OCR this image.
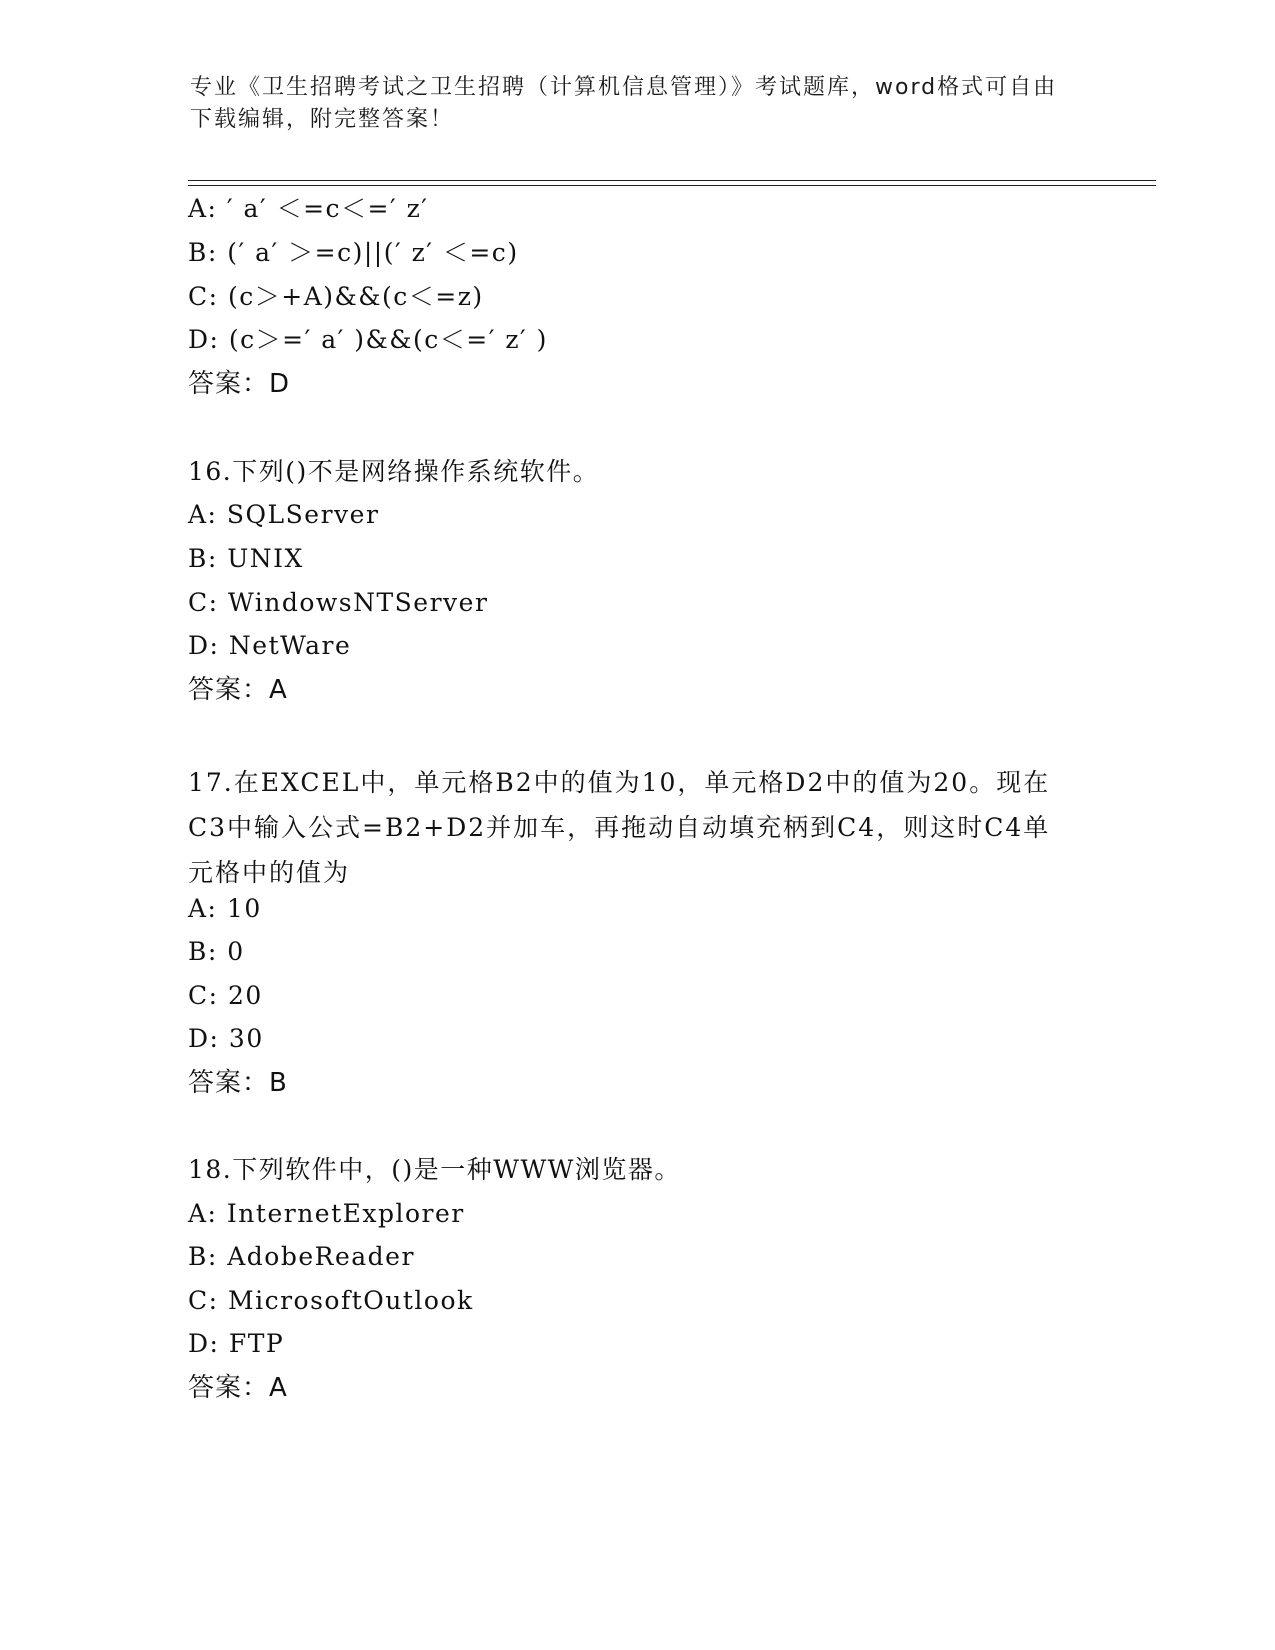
专业《卫生招聘考试之卫生招聘（计算机信息管理）》考试题库，word格式可自由下载编辑，附完整答案！
A: ′ a′ ＜=c＜=′ z′
B: (′ a′ ＞=c)||(′ z′ ＜=c)
C: (c＞+A)&&(c＜=z)
D: (c＞=′ a′ )&&(c＜=′ z′ )
答案：D
16.下列()不是网络操作系统软件。
A: SQLServer
B: UNIX
C: WindowsNTServer
D: NetWare
答案：A
17.在EXCEL中，单元格B2中的值为10，单元格D2中的值为20。现在C3中输入公式=B2+D2并加车，再拖动自动填充柄到C4，则这时C4单元格中的值为
A: 10
B: 0
C: 20
D: 30
答案：B
18.下列软件中，()是一种WWW浏览器。
A: InternetExplorer
B: AdobeReader
C: MicrosoftOutlook
D: FTP
答案：A
